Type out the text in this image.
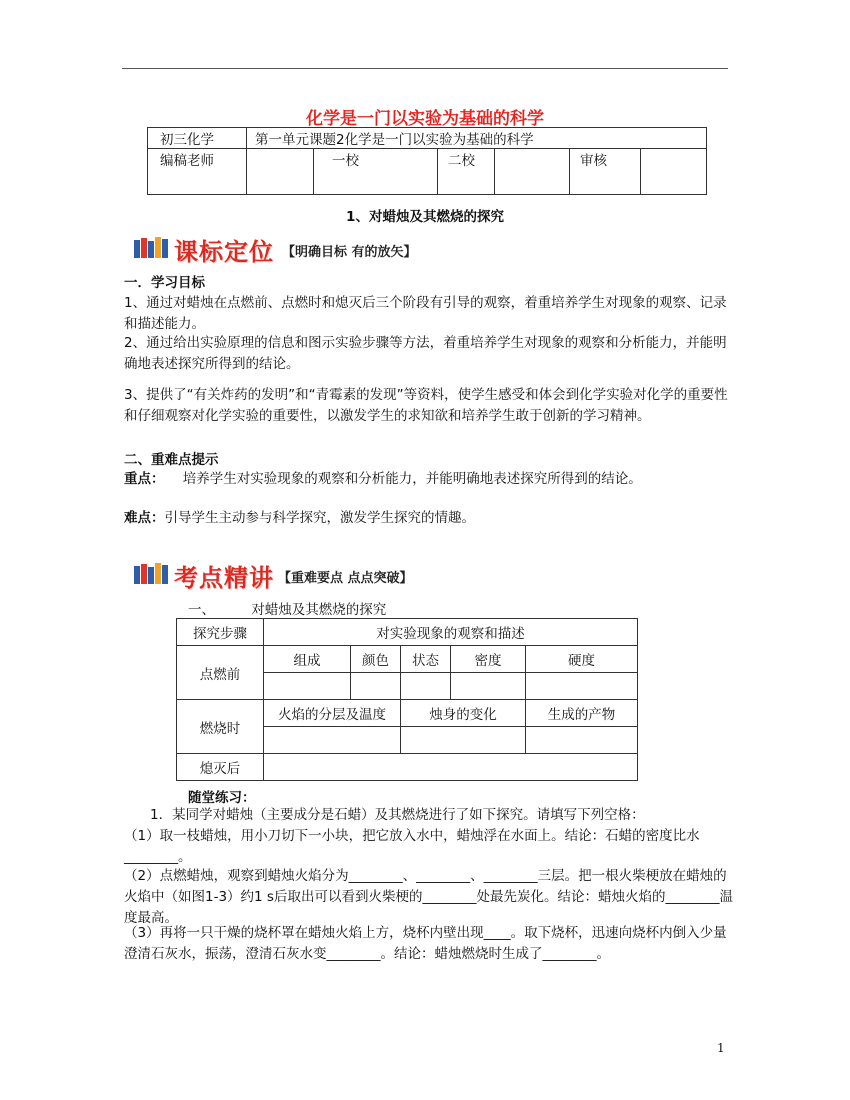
化学是一门以实验为基础的科学
初三化学	第一单元课题2化学是一门以实验为基础的科学					
编稿老师		一校	二校		审核	
1、对蜡烛及其燃烧的探究
课标定位 【明确目标 有的放矢】
一．学习目标
1、通过对蜡烛在点燃前、点燃时和熄灭后三个阶段有引导的观察，着重培养学生对现象的观察、记录和描述能力。
2、通过给出实验原理的信息和图示实验步骤等方法，着重培养学生对现象的观察和分析能力，并能明确地表述探究所得到的结论。
3、提供了“有关炸药的发明”和“青霉素的发现”等资料，使学生感受和体会到化学实验对化学的重要性和仔细观察对化学实验的重要性，以激发学生的求知欲和培养学生敢于创新的学习精神。
二、重难点提示
重点： 培养学生对实验现象的观察和分析能力，并能明确地表述探究所得到的结论。
难点：引导学生主动参与科学探究，激发学生探究的情趣。
考点精讲 【重难要点 点点突破】
一、	对蜡烛及其燃烧的探究
探究步骤	对实验现象的观察和描述				
点燃前	组成	颜色	状态	密度	硬度

燃烧时	火焰的分层及温度		烛身的变化		生成的产物

熄灭后					
随堂练习：
1．某同学对蜡烛（主要成分是石蜡）及其燃烧进行了如下探究。请填写下列空格：
（1）取一枝蜡烛，用小刀切下一小块，把它放入水中，蜡烛浮在水面上。结论：石蜡的密度比水________。
（2）点燃蜡烛，观察到蜡烛火焰分为________、________、________三层。把一根火柴梗放在蜡烛的火焰中（如图1-3）约1 s后取出可以看到火柴梗的________处最先炭化。结论：蜡烛火焰的________温度最高。
（3）再将一只干燥的烧杯罩在蜡烛火焰上方，烧杯内壁出现____。取下烧杯，迅速向烧杯内倒入少量澄清石灰水，振荡，澄清石灰水变________。结论：蜡烛燃烧时生成了________。
1
